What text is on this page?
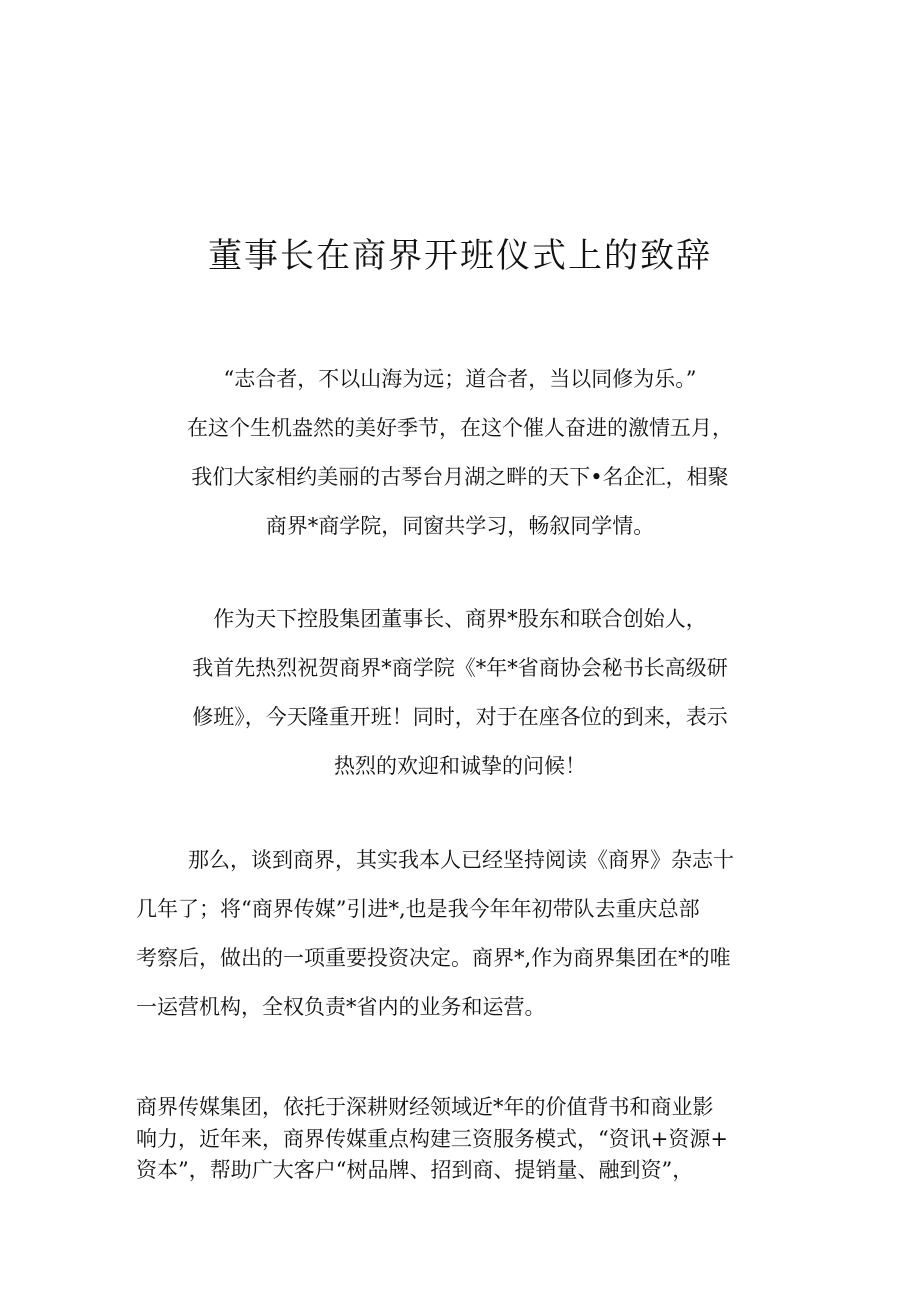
董事长在商界开班仪式上的致辞
“志合者，不以山海为远；道合者，当以同修为乐。”
在这个生机盎然的美好季节，在这个催人奋进的激情五月，
我们大家相约美丽的古琴台月湖之畔的天下•名企汇，相聚
商界*商学院，同窗共学习，畅叙同学情。
作为天下控股集团董事长、商界*股东和联合创始人，
我首先热烈祝贺商界*商学院《*年*省商协会秘书长高级研
修班》，今天隆重开班！同时，对于在座各位的到来，表示
热烈的欢迎和诚挚的问候！
那么，谈到商界，其实我本人已经坚持阅读《商界》杂志十
几年了；将“商界传媒”引进*,也是我今年年初带队去重庆总部
考察后，做出的一项重要投资决定。商界*,作为商界集团在*的唯
一运营机构，全权负责*省内的业务和运营。
商界传媒集团，依托于深耕财经领域近*年的价值背书和商业影
响力，近年来，商界传媒重点构建三资服务模式，“资讯+资源+
资本”，帮助广大客户“树品牌、招到商、提销量、融到资”，
